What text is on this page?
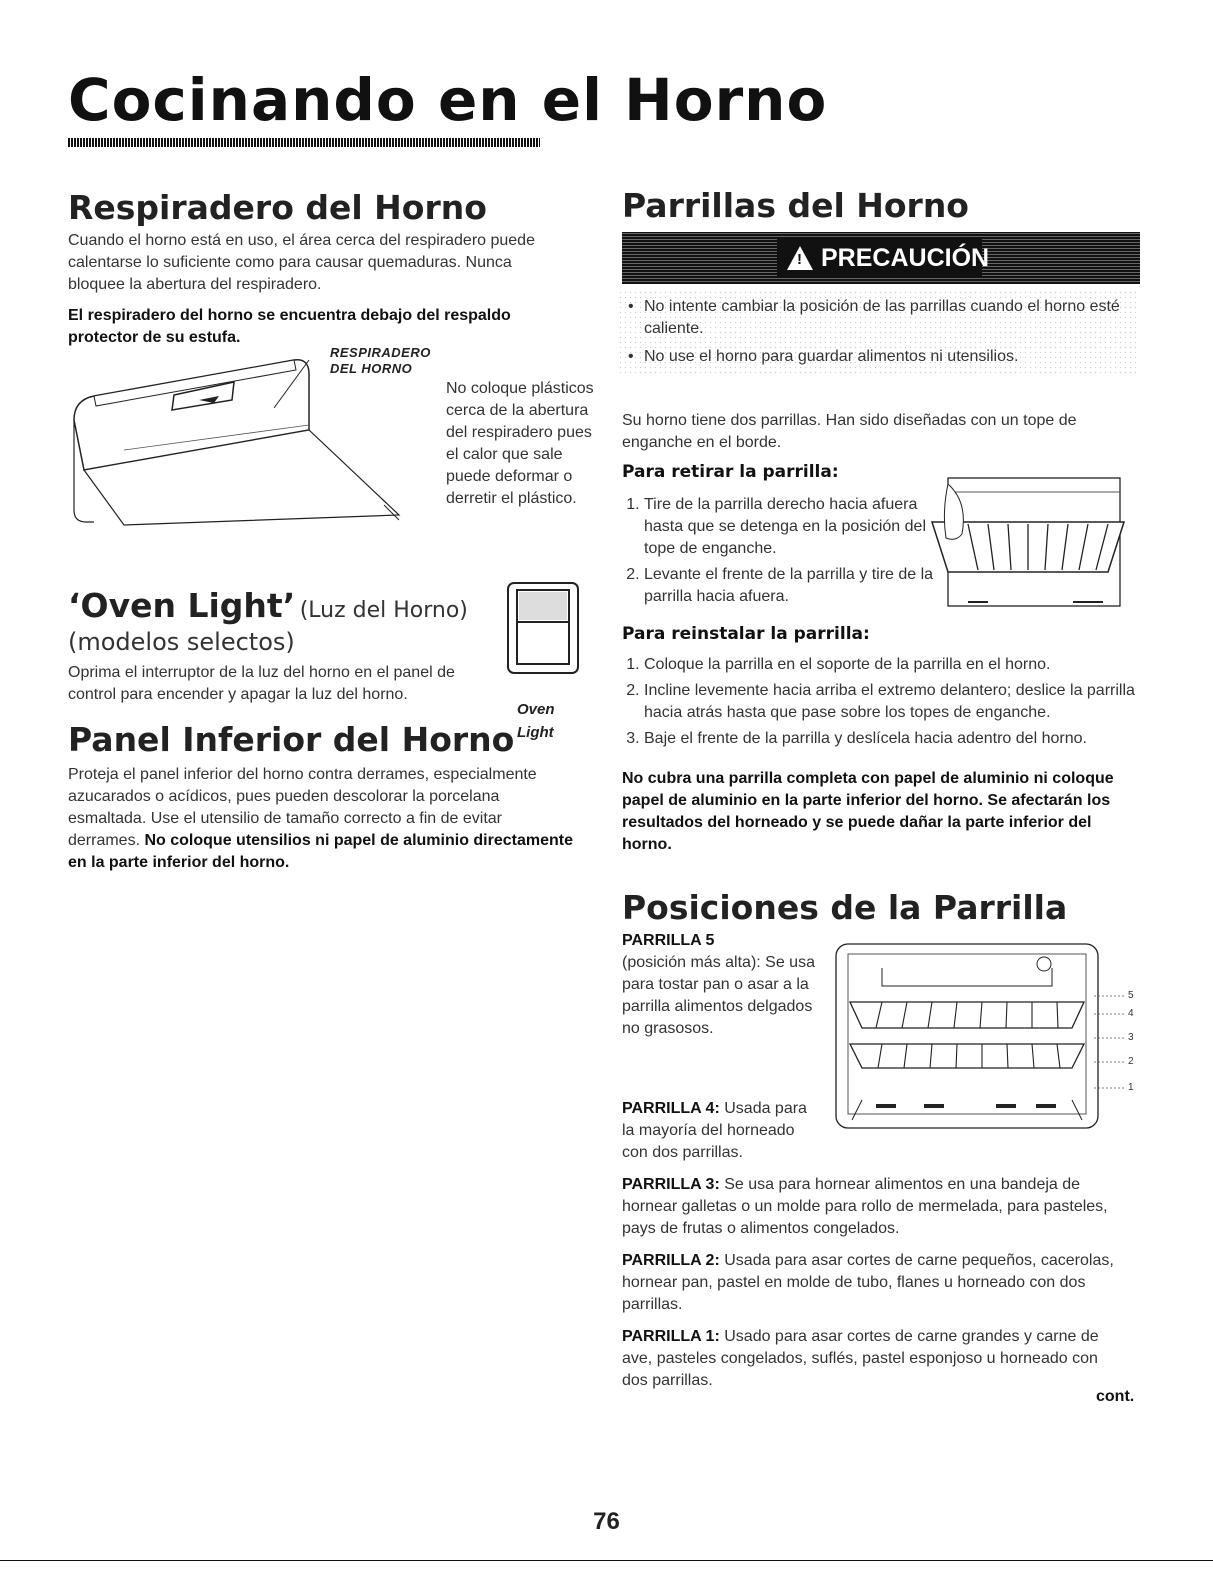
Cocinando en el Horno
Respiradero del Horno

Cuando el horno está en uso, el área cerca del respiradero puede calentarse lo suficiente como para causar quemaduras. Nunca bloquee la abertura del respiradero.

El respiradero del horno se encuentra debajo del respaldo protector de su estufa.

RESPIRADERO
DEL HORNO

No coloque plásticos cerca de la abertura del respiradero pues el calor que sale puede deformar o derretir el plástico.

‘Oven Light’ (Luz del Horno)
(modelos selectos)

Oprima el interruptor de la luz del horno en el panel de control para encender y apagar la luz del horno.

Oven
Light
Panel Inferior del Horno

Proteja el panel inferior del horno contra derrames, especialmente azucarados o acídicos, pues pueden descolorar la porcelana esmaltada. Use el utensilio de tamaño correcto a fin de evitar derrames. No coloque utensilios ni papel de aluminio directamente en la parte inferior del horno.

Parrillas del Horno
! PRECAUCIÓN
• No intente cambiar la posición de las parrillas cuando el horno esté caliente.
• No use el horno para guardar alimentos ni utensilios.

Su horno tiene dos parrillas. Han sido diseñadas con un tope de enganche en el borde.

Para retirar la parrilla:
1. Tire de la parrilla derecho hacia afuera hasta que se detenga en la posición del tope de enganche.
2. Levante el frente de la parrilla y tire de la parrilla hacia afuera.
Para reinstalar la parrilla:
1. Coloque la parrilla en el soporte de la parrilla en el horno.
2. Incline levemente hacia arriba el extremo delantero; deslice la parrilla hacia atrás hasta que pase sobre los topes de enganche.
3. Baje el frente de la parrilla y deslícela hacia adentro del horno.

No cubra una parrilla completa con papel de aluminio ni coloque papel de aluminio en la parte inferior del horno. Se afectarán los resultados del horneado y se puede dañar la parte inferior del horno.

Posiciones de la Parrilla
PARRILLA 5
(posición más alta): Se usa para tostar pan o asar a la parrilla alimentos delgados no grasosos.
PARRILLA 4: Usada para la mayoría del horneado con dos parrillas.
5
4
3
2
1
PARRILLA 3: Se usa para hornear alimentos en una bandeja de hornear galletas o un molde para rollo de mermelada, para pasteles, pays de frutas o alimentos congelados.
PARRILLA 2: Usada para asar cortes de carne pequeños, cacerolas, hornear pan, pastel en molde de tubo, flanes u horneado con dos parrillas.
PARRILLA 1: Usado para asar cortes de carne grandes y carne de ave, pasteles congelados, suflés, pastel esponjoso u horneado con dos parrillas.
cont.
76
